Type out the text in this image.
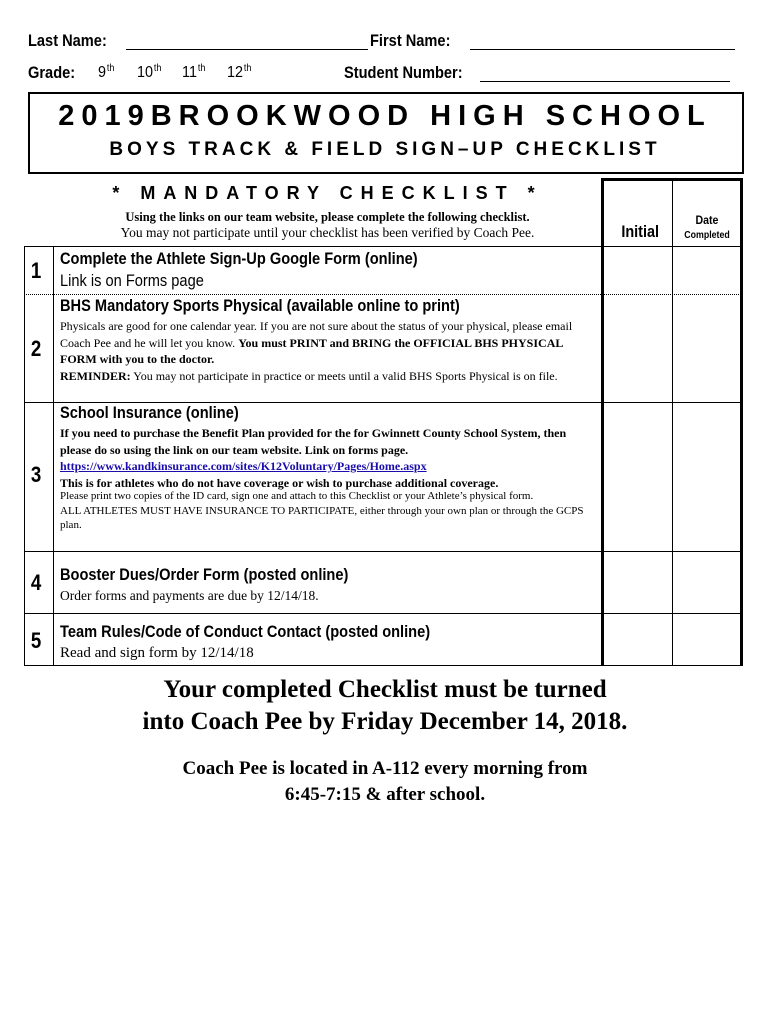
Last Name:	First Name:
Grade: 9th 10th 11th 12th	Student Number:
2019BROOKWOOD HIGH SCHOOL
BOYS TRACK & FIELD SIGN–UP CHECKLIST
* MANDATORY CHECKLIST *
Using the links on our team website, please complete the following checklist.
You may not participate until your checklist has been verified by Coach Pee.	Initial
Date
Completed
1 Complete the Athlete Sign-Up Google Form (online)
Link is on Forms page
2
BHS Mandatory Sports Physical (available online to print)
Physicals are good for one calendar year. If you are not sure about the status of your physical, please email Coach Pee and he will let you know. You must PRINT and BRING the OFFICIAL BHS PHYSICAL FORM with you to the doctor.
REMINDER: You may not participate in practice or meets until a valid BHS Sports Physical is on file.
3
School Insurance (online)
If you need to purchase the Benefit Plan provided for the for Gwinnett County School System, then please do so using the link on our team website. Link on forms page.
https://www.kandkinsurance.com/sites/K12Voluntary/Pages/Home.aspx
This is for athletes who do not have coverage or wish to purchase additional coverage.
Please print two copies of the ID card, sign one and attach to this Checklist or your Athlete’s physical form.
ALL ATHLETES MUST HAVE INSURANCE TO PARTICIPATE, either through your own plan or through the GCPS plan.
4 Booster Dues/Order Form (posted online)
Order forms and payments are due by 12/14/18.
5 Team Rules/Code of Conduct Contact (posted online)
Read and sign form by 12/14/18
Your completed Checklist must be turned
into Coach Pee by Friday December 14, 2018.
Coach Pee is located in A-112 every morning from
6:45-7:15 & after school.
